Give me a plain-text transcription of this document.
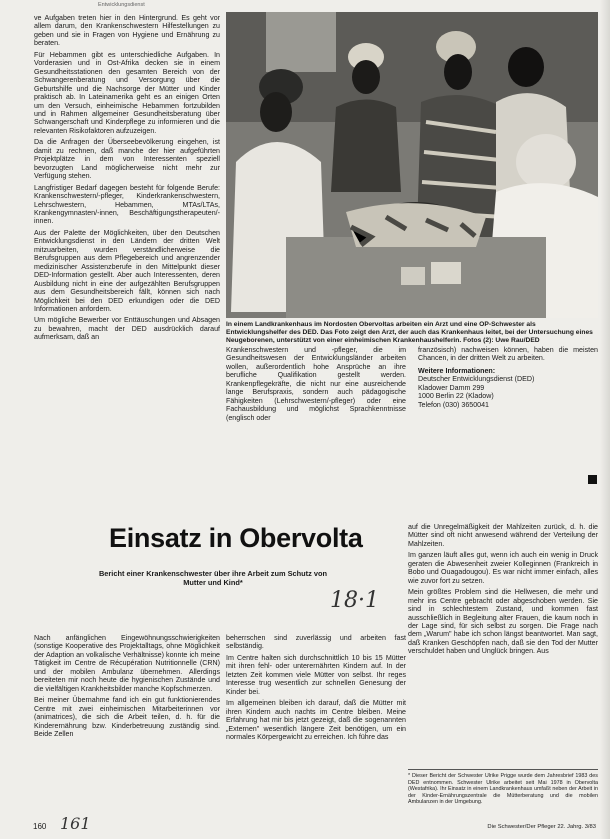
Entwicklungsdienst

ve Aufgaben treten hier in den Hintergrund. Es geht vor allem darum, den Krankenschwestern Hilfestellungen zu geben und sie in Fragen von Hygiene und Ernährung zu beraten.

Für Hebammen gibt es unterschiedliche Aufgaben. In Vorderasien und in Ost-Afrika decken sie in einem Gesundheitsstationen den gesamten Bereich von der Schwangerenberatung und Versorgung über die Geburtshilfe und die Nachsorge der Mütter und Kinder praktisch ab. In Lateinamerika geht es an einigen Orten um den Versuch, einheimische Hebammen fortzubilden und in Rahmen allgemeiner Gesundheitsberatung über Schwangerschaft und Kinderpflege zu informieren und die relevanten Risikofaktoren aufzuzeigen.

Da die Anfragen der Überseebevölkerung eingehen, ist damit zu rechnen, daß manche der hier aufgeführten Projektplätze in dem von Interessenten speziell bevorzugten Land möglicherweise nicht mehr zur Verfügung stehen.

Langfristiger Bedarf dagegen besteht für folgende Berufe: Krankenschwestern/-pfleger, Kinderkrankenschwestern, Lehrschwestern, Hebammen, MTAs/LTAs, Krankengymnasten/-innen, Beschäftigungstherapeuten/-innen.

Aus der Palette der Möglichkeiten, über den Deutschen Entwicklungsdienst in den Ländern der dritten Welt mitzuarbeiten, wurden verständlicherweise die Berufsgruppen aus dem Pflegebereich und angrenzender medizinischer Assistenzberufe in den Mittelpunkt dieser DED-Information gestellt. Aber auch Interessenten, deren Ausbildung nicht in eine der aufgezählten Berufsgruppen aus dem Gesundheitsbereich fällt, können sich nach Möglichkeit bei den DED erkundigen oder die DED Informationen anfordern.

Um mögliche Bewerber vor Enttäuschungen und Absagen zu bewahren, macht der DED ausdrücklich darauf aufmerksam, daß an

In einem Landkrankenhaus im Nordosten Obervoltas arbeiten ein Arzt und eine OP-Schwester als Entwicklungshelfer des DED. Das Foto zeigt den Arzt, der auch das Krankenhaus leitet, bei der Untersuchung eines Neugeborenen, unterstützt von einer einheimischen Krankenhaushelferin. Fotos (2): Uwe Rau/DED

Krankenschwestern und -pfleger, die im Gesundheitswesen der Entwicklungsländer arbeiten wollen, außerordentlich hohe Ansprüche an ihre berufliche Qualifikation gestellt werden. Krankenpflegekräfte, die nicht nur eine ausreichende lange Berufspraxis, sondern auch pädagogische Fähigkeiten (Lehrschwestern/-pfleger) oder eine Fachausbildung und möglichst Sprachkenntnisse (englisch oder

französisch) nachweisen können, haben die meisten Chancen, in der dritten Welt zu arbeiten.

Weitere Informationen:
Deutscher Entwicklungsdienst (DED)
Kladower Damm 299
1000 Berlin 22 (Kladow)
Telefon (030) 3650041
Einsatz in Obervolta
Bericht einer Krankenschwester über ihre Arbeit zum Schutz von Mutter und Kind*
18·1

Nach anfänglichen Eingewöhnungsschwierigkeiten (sonstige Kooperative des Projektalltags, ohne Möglichkeit der Adaption an volkalische Verhältnisse) konnte ich meine Tätigkeit im Centre de Récupération Nutritionnelle (CRN) und der mobilen Ambulanz übernehmen. Allerdings bereiteten mir noch heute die hygienischen Zustände und die vielfältigen Krankheitsbilder manche Kopfschmerzen.

Bei meiner Übernahme fand ich ein gut funktionierendes Centre mit zwei einheimischen Mitarbeiterinnen vor (animatrices), die sich die Arbeit teilen, d. h. für die Kinderernährung bzw. Kinderbetreuung zuständig sind. Beide Zellen

beherrschen sind zuverlässig und arbeiten fast selbständig.

Im Centre halten sich durchschnittlich 10 bis 15 Mütter mit ihren fehl- oder unterernährten Kindern auf. In der letzten Zeit kommen viele Mütter von selbst. Ihr reges Interesse trug wesentlich zur schnellen Genesung der Kinder bei.

Im allgemeinen bleiben ich darauf, daß die Mütter mit ihren Kindern auch nachts im Centre bleiben. Meine Erfahrung hat mir bis jetzt gezeigt, daß die sogenannten „Externen" wesentlich längere Zeit benötigen, um ein normales Körpergewicht zu erreichen. Ich führe das

auf die Unregelmäßigkeit der Mahlzeiten zurück, d. h. die Mütter sind oft nicht anwesend während der Verteilung der Mahlzeiten.

Im ganzen läuft alles gut, wenn ich auch ein wenig in Druck geraten die Abwesenheit zweier Kolleginnen (Frankreich in Bobo und Ouagadougou). Es war nicht immer einfach, alles wie zuvor fort zu setzen.

Mein größtes Problem sind die Hellwesen, die mehr und mehr ins Centre gebracht oder abgeschoben werden. Sie sind in schlechtestem Zustand, und kommen fast ausschließlich in Begleitung alter Frauen, die kaum noch in der Lage sind, für sich selbst zu sorgen. Die Frage nach dem „Warum" habe ich schon längst beantwortet. Man sagt, daß Kranken Geschöpfen nach, daß sie den Tod der Mutter verschuldet haben und Unglück bringen. Aus

* Dieser Bericht der Schwester Ulrike Prigge wurde dem Jahresbrief 1983 des DED entnommen. Schwester Ulrike arbeitet seit Mai 1978 in Obervolta (Westafrika). Ihr Einsatz in einem Landkrankenhaus umfaßt neben der Arbeit in der Kinder-Ernährungszentrale die Mütterberatung und die mobilen Ambulanzen in der Umgebung.
160 161	Die Schwester/Der Pfleger 22. Jahrg. 3/83
